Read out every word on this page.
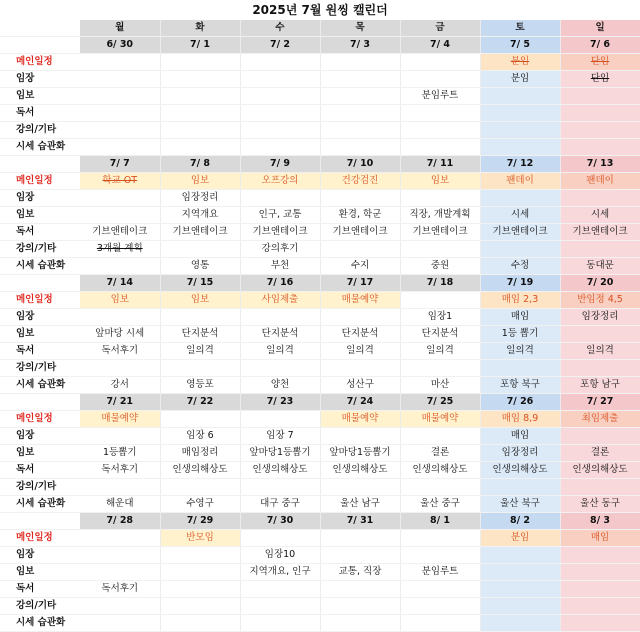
2025년 7월 원씽 캘린더							
	월	화	수	목	금	토	일
	6/ 30	7/ 1	7/ 2	7/ 3	7/ 4	7/ 5	7/ 6
메인일정						분임	단임
임장						분임	단임
임보					분임루트		
독서							
강의/기타							
시세 습관화							
	7/ 7	7/ 8	7/ 9	7/ 10	7/ 11	7/ 12	7/ 13
메인일정	학교 OT	임보	오프강의	건강검진	임보	팬데이	팬데이
임장		임장정리					
임보		지역개요	인구, 교통	환경, 학군	직장, 개발계획	시세	시세
독서	기브앤테이크	기브앤테이크	기브앤테이크	기브앤테이크	기브앤테이크	기브앤테이크	기브앤테이크
강의/기타	3개월 계획		강의후기				
시세 습관화		영통	부천	수지	중원	수정	동대문
	7/ 14	7/ 15	7/ 16	7/ 17	7/ 18	7/ 19	7/ 20
메인일정	임보	임보	사임제출	매물예약		매임 2,3	반임정 4,5
임장					임장1	매임	임장정리
임보	앞마당 시세	단지분석	단지분석	단지분석	단지분석	1등 뽑기	
독서	독서후기	일의격	일의격	일의격	일의격	일의격	일의격
강의/기타							
시세 습관화	강서	영등포	양천	성산구	마산	포항 북구	포항 남구
	7/ 21	7/ 22	7/ 23	7/ 24	7/ 25	7/ 26	7/ 27
메인일정	매물예약			매물예약	매물예약	매임 8,9	최임제출
임장		임장 6	임장 7			매임	
임보	1등뽑기	매임정리	앞마당1등뽑기	앞마당1등뽑기	결론	임장정리	결론
독서	독서후기	인생의해상도	인생의해상도	인생의해상도	인생의해상도	인생의해상도	인생의해상도
강의/기타							
시세 습관화	해운대	수영구	대구 중구	울산 남구	울산 중구	울산 북구	울산 동구
	7/ 28	7/ 29	7/ 30	7/ 31	8/ 1	8/ 2	8/ 3
메인일정		반모임				분임	매임
임장			임장10				
임보			지역개요, 인구	교통, 직장	분임루트		
독서	독서후기						
강의/기타							
시세 습관화							
